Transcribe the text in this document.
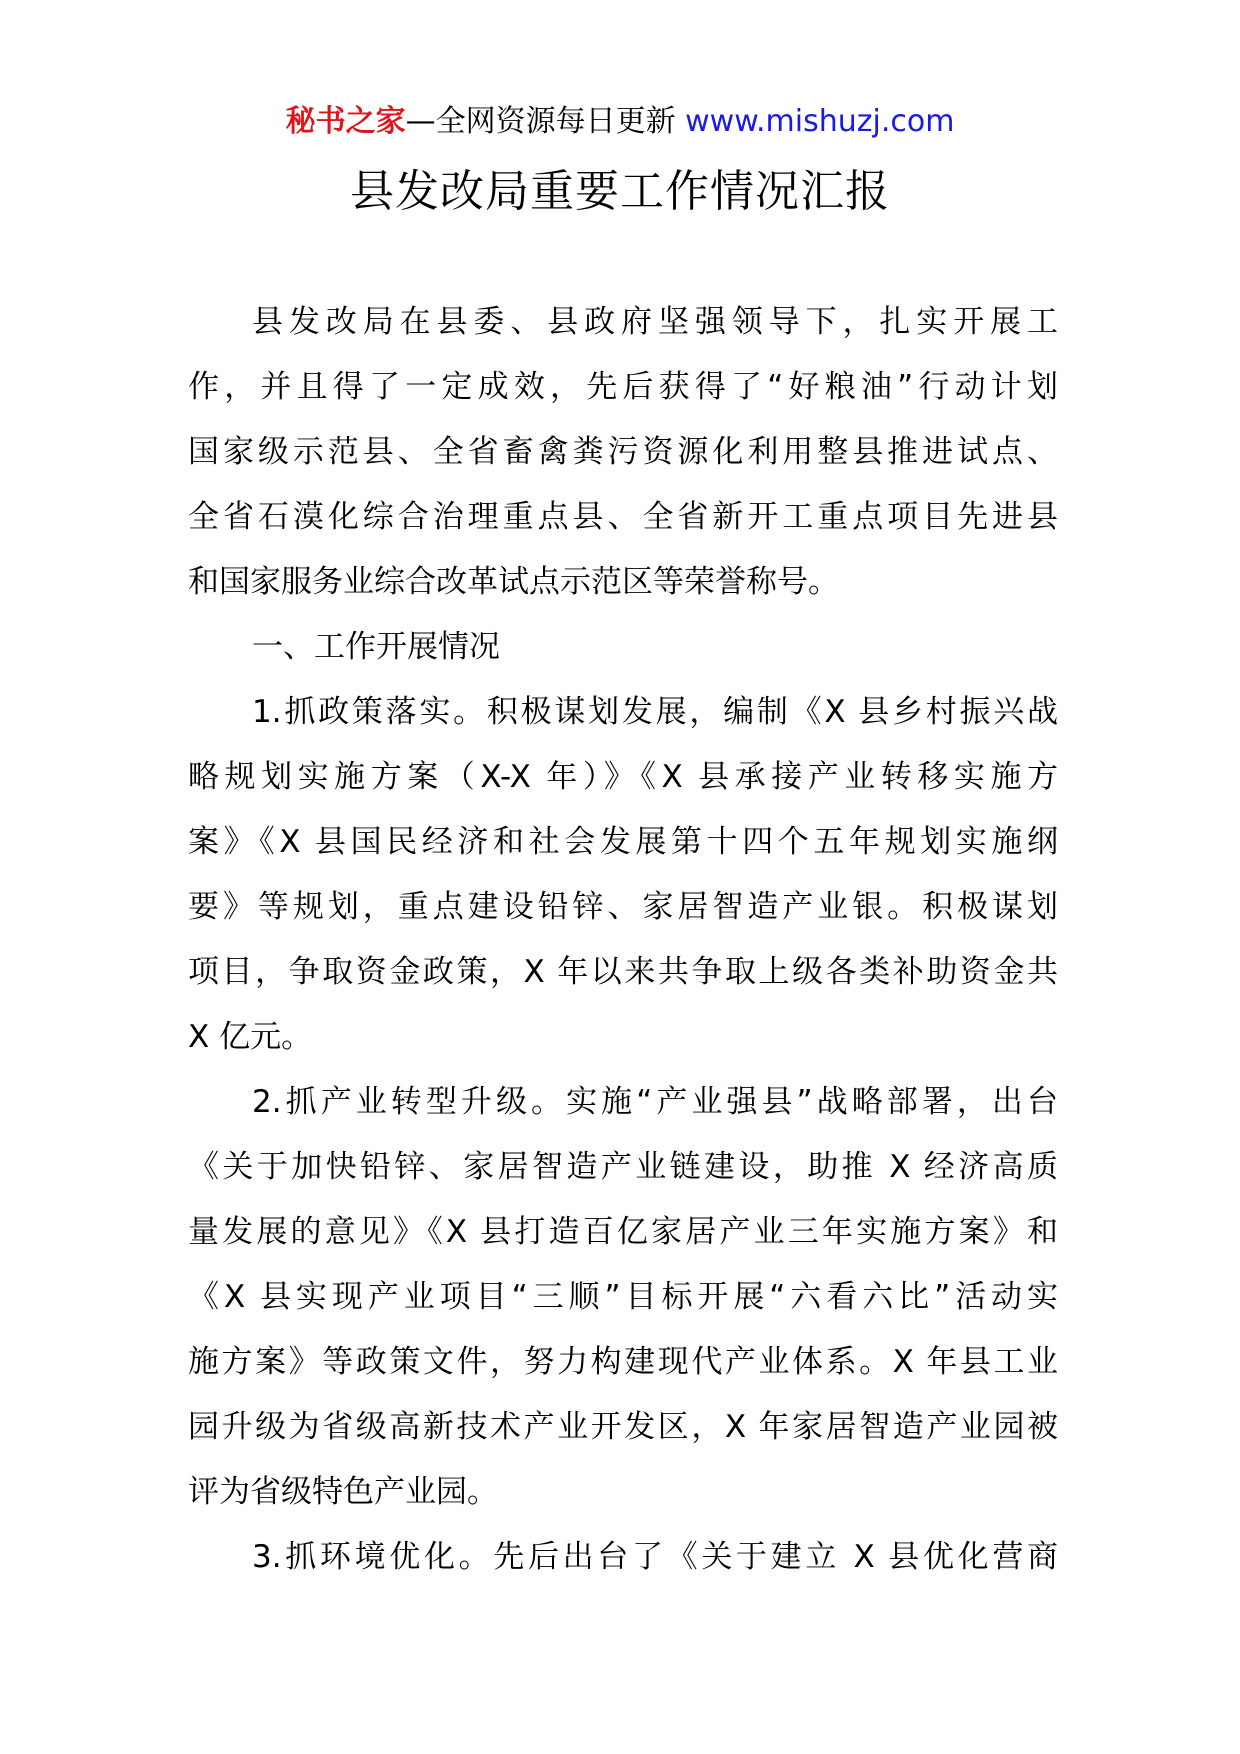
秘书之家—全网资源每日更新 www.mishuzj.com
县发改局重要工作情况汇报
县发改局在县委、县政府坚强领导下，扎实开展工
作，并且得了一定成效，先后获得了“好粮油”行动计划
国家级示范县、全省畜禽粪污资源化利用整县推进试点、
全省石漠化综合治理重点县、全省新开工重点项目先进县
和国家服务业综合改革试点示范区等荣誉称号。
一、工作开展情况
1.抓政策落实。积极谋划发展，编制《X 县乡村振兴战
略规划实施方案（X-X 年）》《X 县承接产业转移实施方
案》《X 县国民经济和社会发展第十四个五年规划实施纲
要》等规划，重点建设铅锌、家居智造产业银。积极谋划
项目，争取资金政策，X 年以来共争取上级各类补助资金共
X 亿元。
2.抓产业转型升级。实施“产业强县”战略部署，出台
《关于加快铅锌、家居智造产业链建设，助推 X 经济高质
量发展的意见》《X 县打造百亿家居产业三年实施方案》和
《X 县实现产业项目“三顺”目标开展“六看六比”活动实
施方案》等政策文件，努力构建现代产业体系。X 年县工业
园升级为省级高新技术产业开发区，X 年家居智造产业园被
评为省级特色产业园。
3.抓环境优化。先后出台了《关于建立 X 县优化营商
